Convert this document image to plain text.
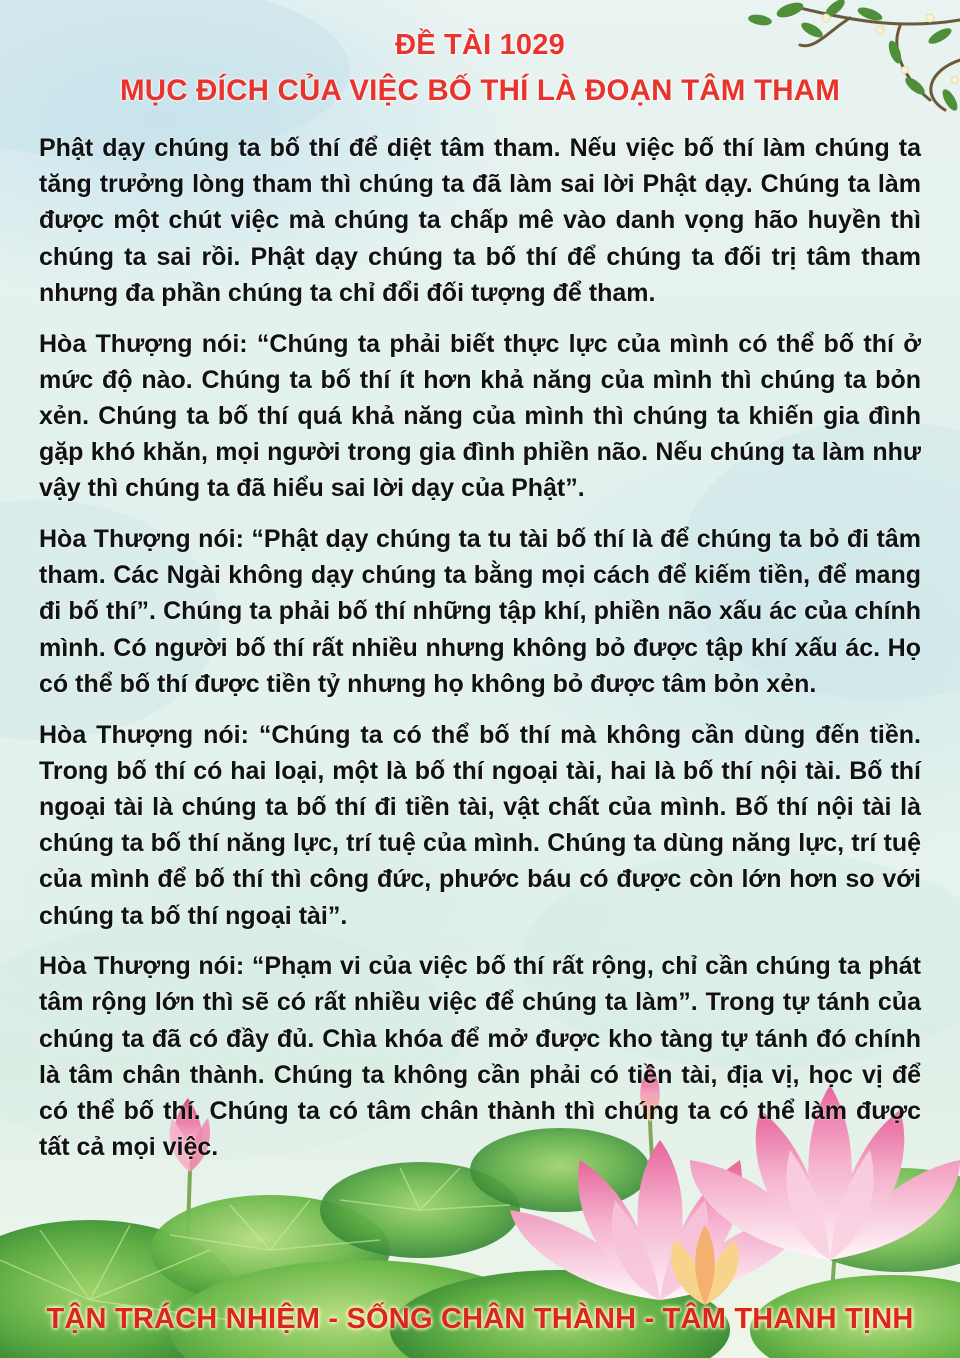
ĐỀ TÀI 1029
MỤC ĐÍCH CỦA VIỆC BỐ THÍ LÀ ĐOẠN TÂM THAM

Phật dạy chúng ta bố thí để diệt tâm tham. Nếu việc bố thí làm chúng ta tăng trưởng lòng tham thì chúng ta đã làm sai lời Phật dạy. Chúng ta làm được một chút việc mà chúng ta chấp mê vào danh vọng hão huyền thì chúng ta sai rồi. Phật dạy chúng ta bố thí để chúng ta đối trị tâm tham nhưng đa phần chúng ta chỉ đổi đối tượng để tham.

Hòa Thượng nói: “Chúng ta phải biết thực lực của mình có thể bố thí ở mức độ nào. Chúng ta bố thí ít hơn khả năng của mình thì chúng ta bỏn xẻn. Chúng ta bố thí quá khả năng của mình thì chúng ta khiến gia đình gặp khó khăn, mọi người trong gia đình phiền não. Nếu chúng ta làm như vậy thì chúng ta đã hiểu sai lời dạy của Phật”.

Hòa Thượng nói: “Phật dạy chúng ta tu tài bố thí là để chúng ta bỏ đi tâm tham. Các Ngài không dạy chúng ta bằng mọi cách để kiếm tiền, để mang đi bố thí”. Chúng ta phải bố thí những tập khí, phiền não xấu ác của chính mình. Có người bố thí rất nhiều nhưng không bỏ được tập khí xấu ác. Họ có thể bố thí được tiền tỷ nhưng họ không bỏ được tâm bỏn xẻn.

Hòa Thượng nói: “Chúng ta có thể bố thí mà không cần dùng đến tiền. Trong bố thí có hai loại, một là bố thí ngoại tài, hai là bố thí nội tài. Bố thí ngoại tài là chúng ta bố thí đi tiền tài, vật chất của mình. Bố thí nội tài là chúng ta bố thí năng lực, trí tuệ của mình. Chúng ta dùng năng lực, trí tuệ của mình để bố thí thì công đức, phước báu có được còn lớn hơn so với chúng ta bố thí ngoại tài”.

Hòa Thượng nói: “Phạm vi của việc bố thí rất rộng, chỉ cần chúng ta phát tâm rộng lớn thì sẽ có rất nhiều việc để chúng ta làm”. Trong tự tánh của chúng ta đã có đầy đủ. Chìa khóa để mở được kho tàng tự tánh đó chính là tâm chân thành. Chúng ta không cần phải có tiền tài, địa vị, học vị để có thể bố thí. Chúng ta có tâm chân thành thì chúng ta có thể làm được tất cả mọi việc.

TẬN TRÁCH NHIỆM - SỐNG CHÂN THÀNH - TÂM THANH TỊNH
